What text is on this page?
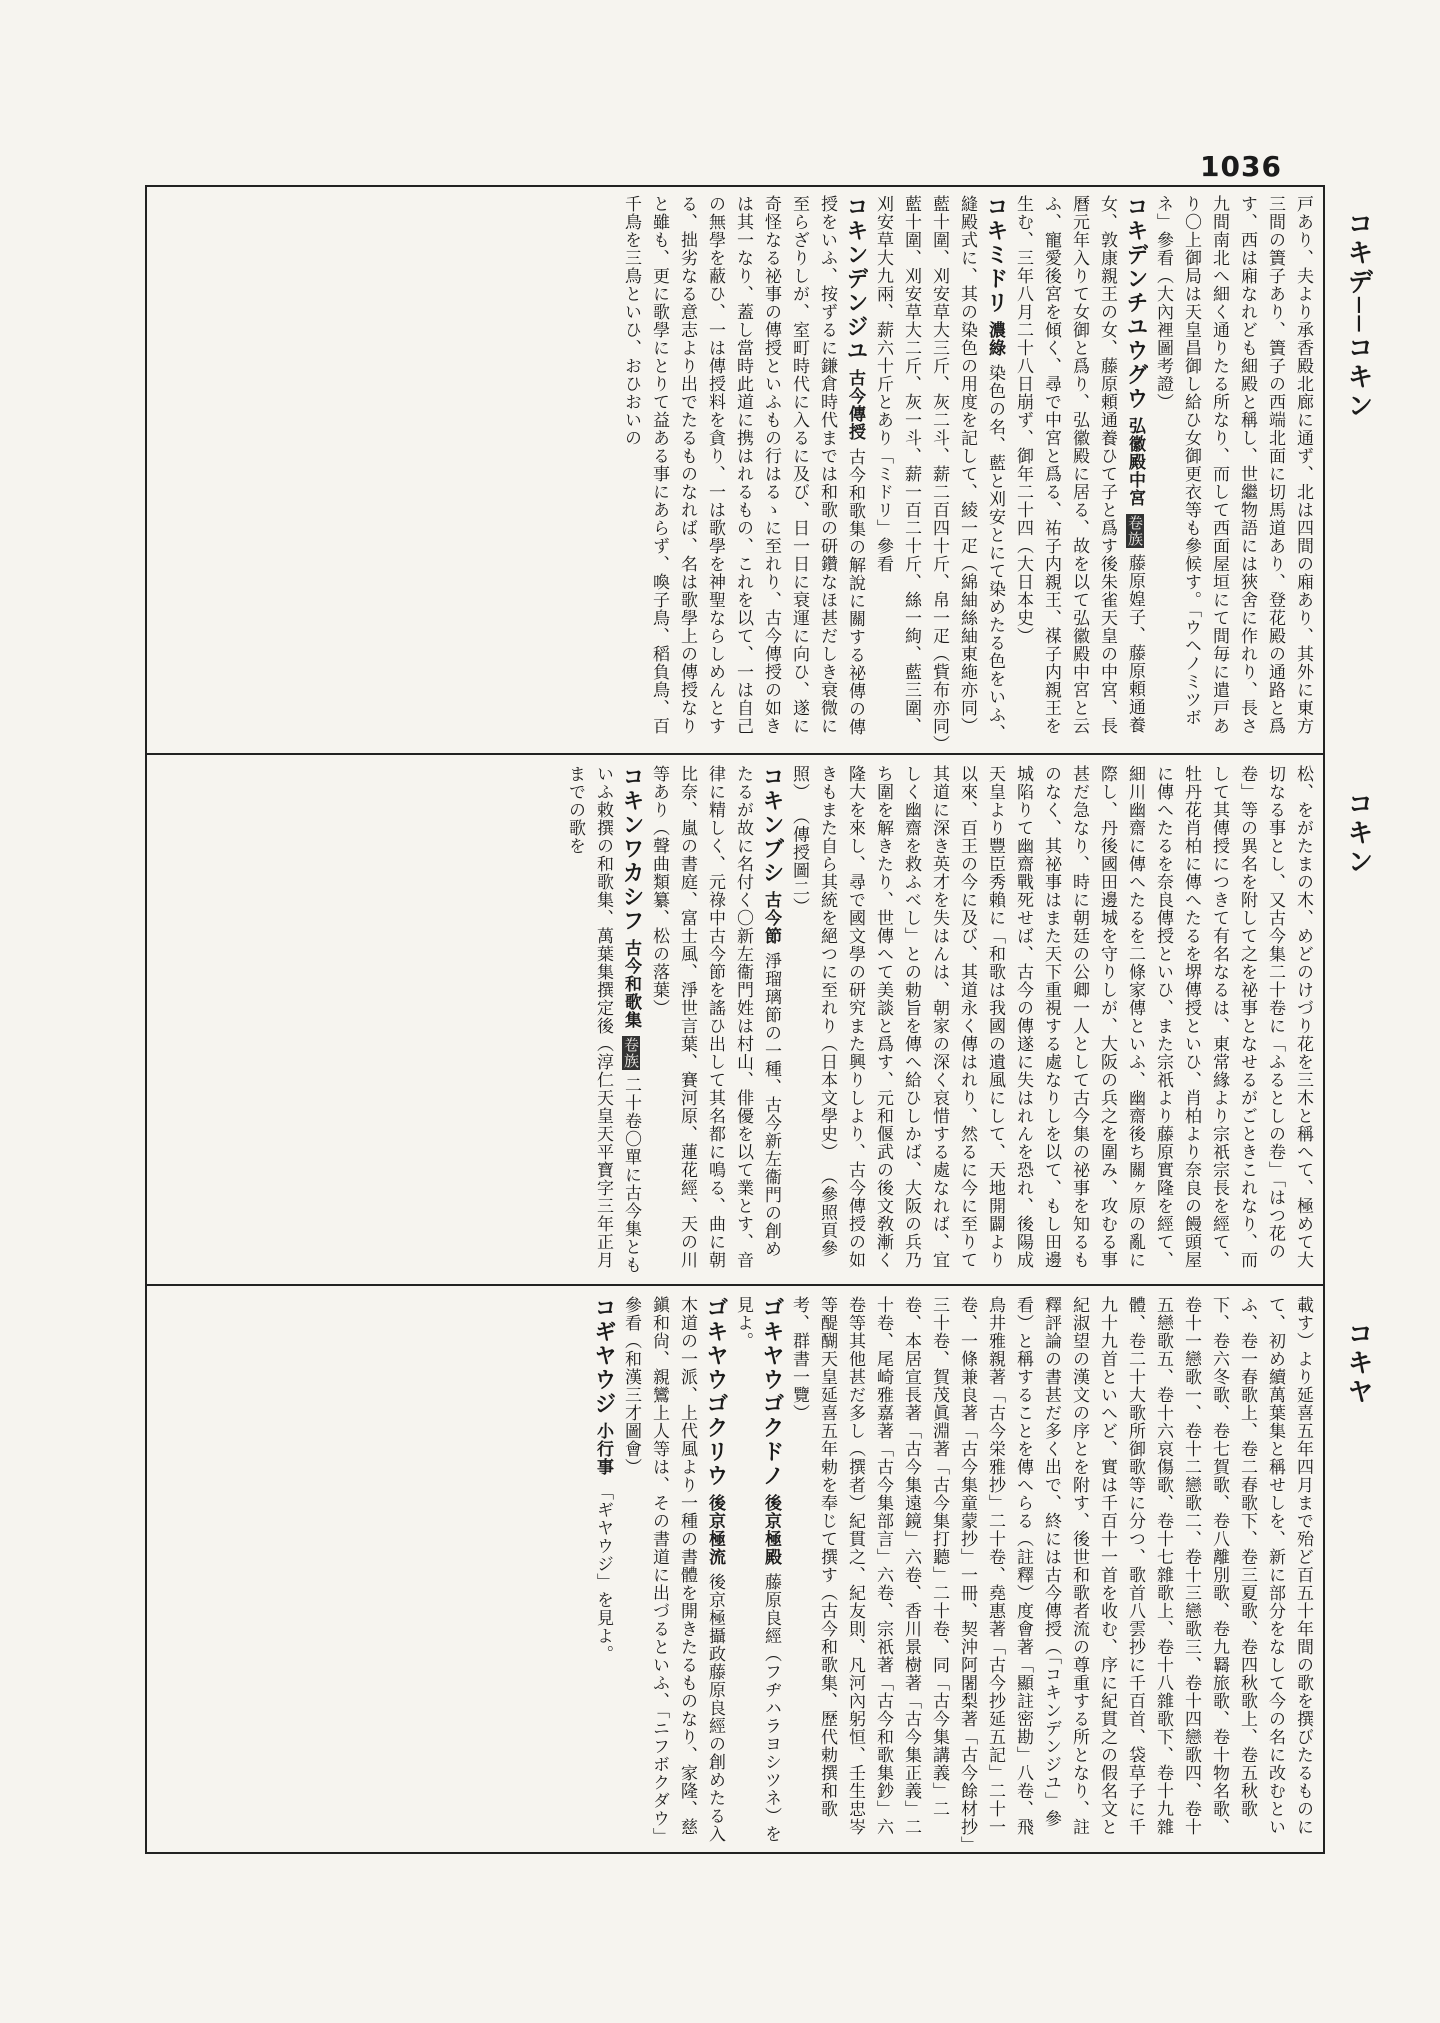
1036
コキデ──コキン
コキン
コキヤ

戸あり、夫より承香殿北廊に通ず、北は四間の廂あり、其外に東方三間の簀子あり、簀子の西端北面に切馬道あり、登花殿の通路と爲す、西は廂なれども細殿と稱し、世繼物語には狹舍に作れり、長さ九間南北へ細く通りたる所なり、而して西面屋垣にて間毎に遣戸あり〇上御局は天皇昌御し給ひ女御更衣等も參候す。「ウヘノミツボネ」參看（大內裡圖考證）

コキデンチユウグウ 弘徽殿中宮 卷族 藤原媓子、藤原頼通養女、敦康親王の女、藤原頼通養ひて子と爲す後朱雀天皇の中宮、長曆元年入りて女御と爲り、弘徽殿に居る、故を以て弘徽殿中宮と云ふ、寵愛後宮を傾く、尋で中宮と爲る、祐子内親王、禖子内親王を生む、三年八月二十八日崩ず、御年二十四（大日本史）

コキミドリ 濃綠 染色の名、藍と刈安とにて染めたる色をいふ、縫殿式に、其の染色の用度を記して、綾一疋（綿紬絲紬東絁亦同）藍十圍、刈安草大三斤、灰二斗、薪二百四十斤、帛一疋（貲布亦同）藍十圍、刈安草大二斤、灰一斗、薪一百二十斤、絲一絇、藍三圍、刈安草大九兩、薪六十斤とあり「ミドリ」參看

コキンデンジユ 古今傳授 古今和歌集の解說に關する祕傳の傳授をいふ、按ずるに鎌倉時代までは和歌の研鑽なほ甚だしき衰微に至らざりしが、室町時代に入るに及び、日一日に衰運に向ひ、遂に奇怪なる祕事の傳授といふもの行はるゝに至れり、古今傳授の如きは其一なり、蓋し當時此道に携はれるもの、これを以て、一は自己の無學を蔽ひ、一は傳授料を貪り、一は歌學を神聖ならしめんとする、拙劣なる意志より出でたるものなれば、名は歌學上の傳授なりと雖も、更に歌學にとりて益ある事にあらず、喚子鳥、稻負鳥、百千鳥を三鳥といひ、おひおいの

松、をがたまの木、めどのけづり花を三木と稱へて、極めて大切なる事とし、又古今集二十卷に「ふるとしの卷」「はつ花の卷」等の異名を附して之を祕事となせるがごときこれなり、而して其傳授につきて有名なるは、東常緣より宗祇宗長を經て、牡丹花肖柏に傳へたるを堺傳授といひ、肖柏より奈良の饅頭屋に傳へたるを奈良傳授といひ、また宗祇より藤原實隆を經て、細川幽齋に傳へたるを二條家傳といふ、幽齋後ち關ヶ原の亂に際し、丹後國田邊城を守りしが、大阪の兵之を圍み、攻むる事甚だ急なり、時に朝廷の公卿一人として古今集の祕事を知るものなく、其祕事はまた天下重視する處なりしを以て、もし田邊城陷りて幽齋戰死せば、古今の傳遂に失はれんを恐れ、後陽成天皇より豐臣秀賴に「和歌は我國の遺風にして、天地開闢より以來、百王の今に及び、其道永く傳はれり、然るに今に至りて其道に深き英才を失はんは、朝家の深く哀惜する處なれば、宜しく幽齋を救ふべし」との勅旨を傳へ給ひしかば、大阪の兵乃ち圍を解きたり、世傳へて美談と爲す、元和偃武の後文敎漸く隆大を來し、尋で國文學の研究また興りしより、古今傳授の如きもまた自ら其統を絕つに至れり（日本文學史） （參照頁參照） （傳授圖二）

コキンブシ 古今節 淨瑠璃節の一種、古今新左衞門の創めたるが故に名付く〇新左衞門姓は村山、俳優を以て業とす、音律に精しく、元祿中古今節を謠ひ出して其名都に鳴る、曲に朝比奈、嵐の書庭、富士風、淨世言葉、賽河原、蓮花經、天の川等あり（聲曲類纂、松の落葉）

コキンワカシフ 古今和歌集 卷族 二十卷〇單に古今集ともいふ敕撰の和歌集、萬葉集撰定後（淳仁天皇天平寶字三年正月までの歌を

載す）より延喜五年四月まで殆ど百五十年間の歌を撰びたるものにて、初め續萬葉集と稱せしを、新に部分をなして今の名に改むといふ、卷一春歌上、卷二春歌下、卷三夏歌、卷四秋歌上、卷五秋歌下、卷六冬歌、卷七賀歌、卷八離別歌、卷九羇旅歌、卷十物名歌、卷十一戀歌一、卷十二戀歌二、卷十三戀歌三、卷十四戀歌四、卷十五戀歌五、卷十六哀傷歌、卷十七雜歌上、卷十八雜歌下、卷十九雜體、卷二十大歌所御歌等に分つ、歌首八雲抄に千百首、袋草子に千九十九首といへど、實は千百十一首を收む、序に紀貫之の假名文と紀淑望の漢文の序とを附す、後世和歌者流の尊重する所となり、註釋評論の書甚だ多く出で、終には古今傳授（「コキンデンジユ」參看）と稱することを傳へらる（註釋）度會著「顯註密勘」八卷、飛鳥井雅親著「古今栄雅抄」二十卷、堯惠著「古今抄延五記」二十一卷、一條兼良著「古今集童蒙抄」一冊、契沖阿闍梨著「古今餘材抄」三十卷、賀茂眞淵著「古今集打聽」二十卷、同「古今集講義」二卷、本居宣長著「古今集遠鏡」六卷、香川景樹著「古今集正義」二十卷、尾崎雅嘉著「古今集部言」六卷、宗祇著「古今和歌集鈔」六卷等其他甚だ多し（撰者）紀貫之、紀友則、凡河內躬恒、壬生忠岑等醍醐天皇延喜五年勅を奉じて撰す（古今和歌集、歷代勅撰和歌考、群書一覽）

ゴキヤウゴクドノ 後京極殿 藤原良經（フヂハラヨシツネ）を見よ。

ゴキヤウゴクリウ 後京極流 後京極攝政藤原良經の創めたる入木道の一派、上代風より一種の書體を開きたるものなり、家隆、慈鎭和尙、親鸞上人等は、その書道に出づるといふ、「ニフボクダウ」參看（和漢三才圖會）

コギヤウジ 小行事 「ギヤウジ」を見よ。
